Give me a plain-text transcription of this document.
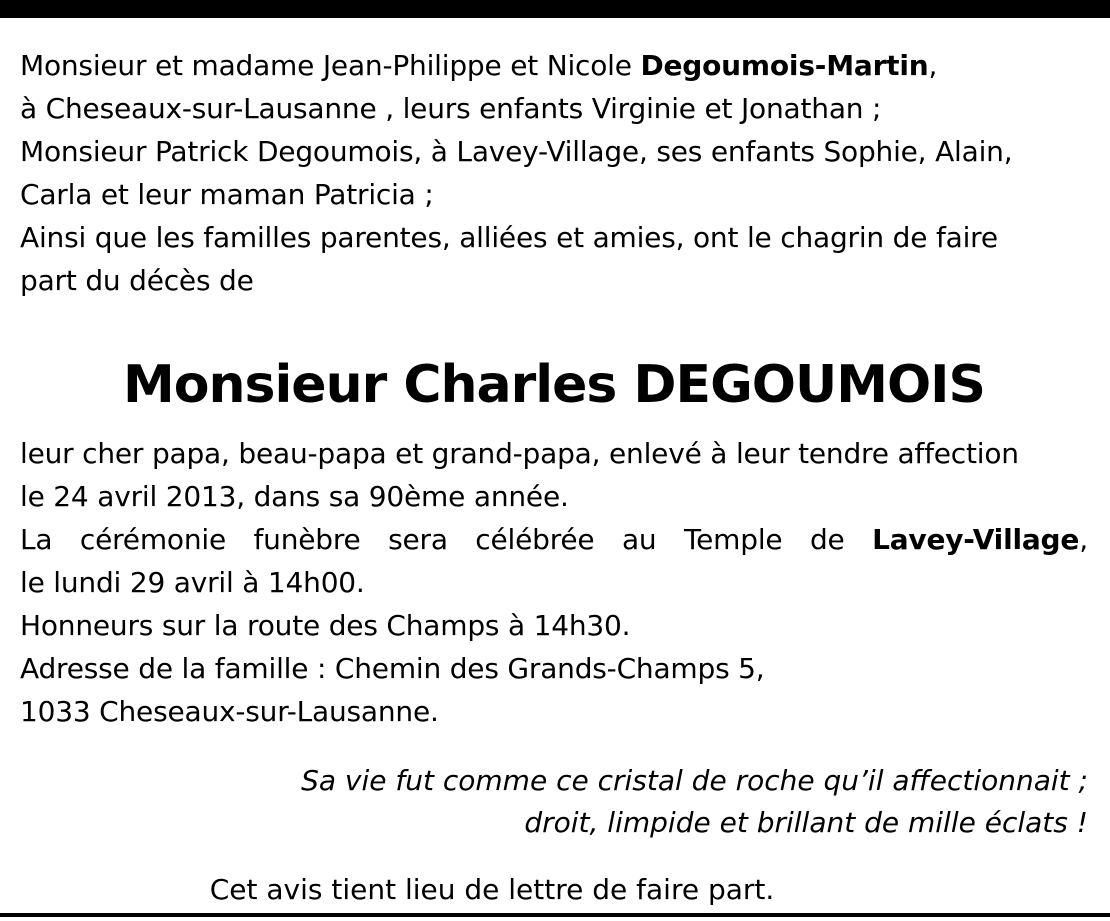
Monsieur et madame Jean-Philippe et Nicole Degoumois-Martin,
à Cheseaux-sur-Lausanne , leurs enfants Virginie et Jonathan ;
Monsieur Patrick Degoumois, à Lavey-Village, ses enfants Sophie, Alain,
Carla et leur maman Patricia ;
Ainsi que les familles parentes, alliées et amies, ont le chagrin de faire
part du décès de

Monsieur Charles DEGOUMOIS

leur cher papa, beau-papa et grand-papa, enlevé à leur tendre affection
le 24 avril 2013, dans sa 90ème année.
La cérémonie funèbre sera célébrée au Temple de Lavey-Village,
le lundi 29 avril à 14h00.
Honneurs sur la route des Champs à 14h30.
Adresse de la famille : Chemin des Grands-Champs 5,
1033 Cheseaux-sur-Lausanne.

Sa vie fut comme ce cristal de roche qu’il affectionnait ;
droit, limpide et brillant de mille éclats !
Cet avis tient lieu de lettre de faire part.
